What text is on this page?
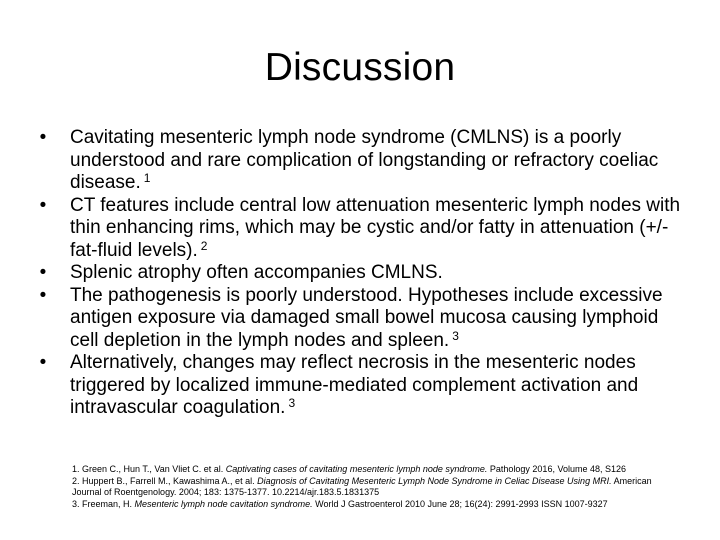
Discussion
• Cavitating mesenteric lymph node syndrome (CMLNS) is a poorly understood and rare complication of longstanding or refractory coeliac disease. $^1$
• CT features include central low attenuation mesenteric lymph nodes with thin enhancing rims, which may be cystic and/or fatty in attenuation (+/- fat-fluid levels). $^2$
• Splenic atrophy often accompanies CMLNS.
• The pathogenesis is poorly understood. Hypotheses include excessive antigen exposure via damaged small bowel mucosa causing lymphoid cell depletion in the lymph nodes and spleen. $^3$
• Alternatively, changes may reflect necrosis in the mesenteric nodes triggered by localized immune-mediated complement activation and intravascular coagulation. $^3$
1. Green C., Hun T., Van Vliet C. et al. Captivating cases of cavitating mesenteric lymph node syndrome. Pathology 2016, Volume 48, S126
2. Huppert B., Farrell M., Kawashima A., et al. Diagnosis of Cavitating Mesenteric Lymph Node Syndrome in Celiac Disease Using MRI. American Journal of Roentgenology. 2004; 183: 1375-1377. 10.2214/ajr.183.5.1831375
3. Freeman, H. Mesenteric lymph node cavitation syndrome. World J Gastroenterol 2010 June 28; 16(24): 2991-2993 ISSN 1007-9327
